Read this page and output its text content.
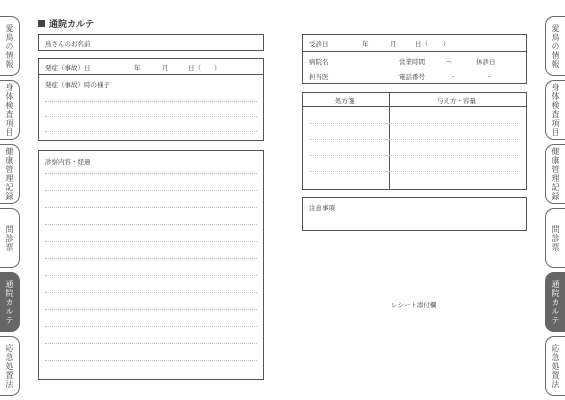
愛鳥の情報
身体検査項目
健康管理記録
問診票
通院カルテ
応急処置法
愛鳥の情報
身体検査項目
健康管理記録
問診票
通院カルテ
応急処置法
通院カルテ
鳥さんのお名前
発症（事故）日	年	月	日（ ）
発症（事故）時の様子
診察内容・経過
受診日	年	月	日（ ）
病院名	営業時間	〜	休診日
担当医	電話番号	-	-
処方箋	与え方・容量
注意事項
レシート添付欄
